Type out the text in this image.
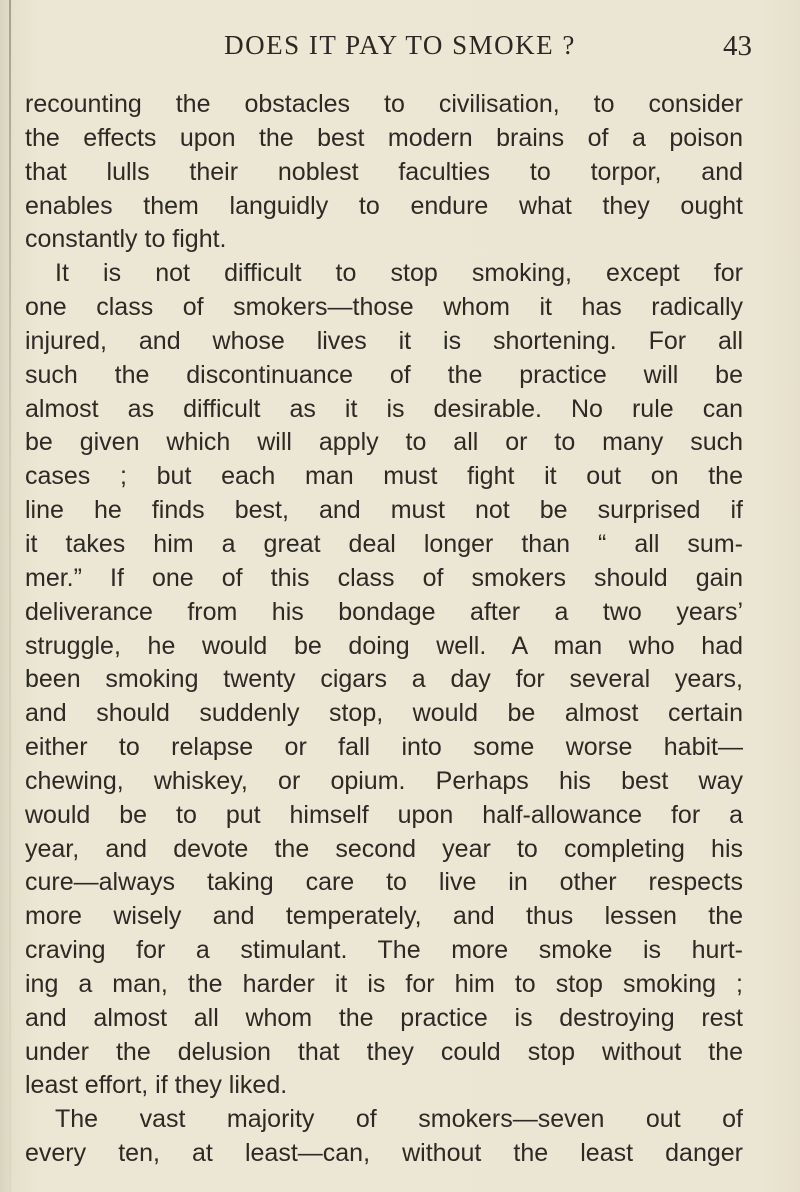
DOES IT PAY TO SMOKE ?	43
recounting the obstacles to civilisation, to consider
the effects upon the best modern brains of a poison
that lulls their noblest faculties to torpor, and
enables them languidly to endure what they ought
constantly to fight.
It is not difficult to stop smoking, except for
one class of smokers—those whom it has radically
injured, and whose lives it is shortening. For all
such the discontinuance of the practice will be
almost as difficult as it is desirable. No rule can
be given which will apply to all or to many such
cases ; but each man must fight it out on the
line he finds best, and must not be surprised if
it takes him a great deal longer than “ all sum-
mer.” If one of this class of smokers should gain
deliverance from his bondage after a two years’
struggle, he would be doing well. A man who had
been smoking twenty cigars a day for several years,
and should suddenly stop, would be almost certain
either to relapse or fall into some worse habit—
chewing, whiskey, or opium. Perhaps his best way
would be to put himself upon half-allowance for a
year, and devote the second year to completing his
cure—always taking care to live in other respects
more wisely and temperately, and thus lessen the
craving for a stimulant. The more smoke is hurt-
ing a man, the harder it is for him to stop smoking ;
and almost all whom the practice is destroying rest
under the delusion that they could stop without the
least effort, if they liked.
The vast majority of smokers—seven out of
every ten, at least—can, without the least danger
